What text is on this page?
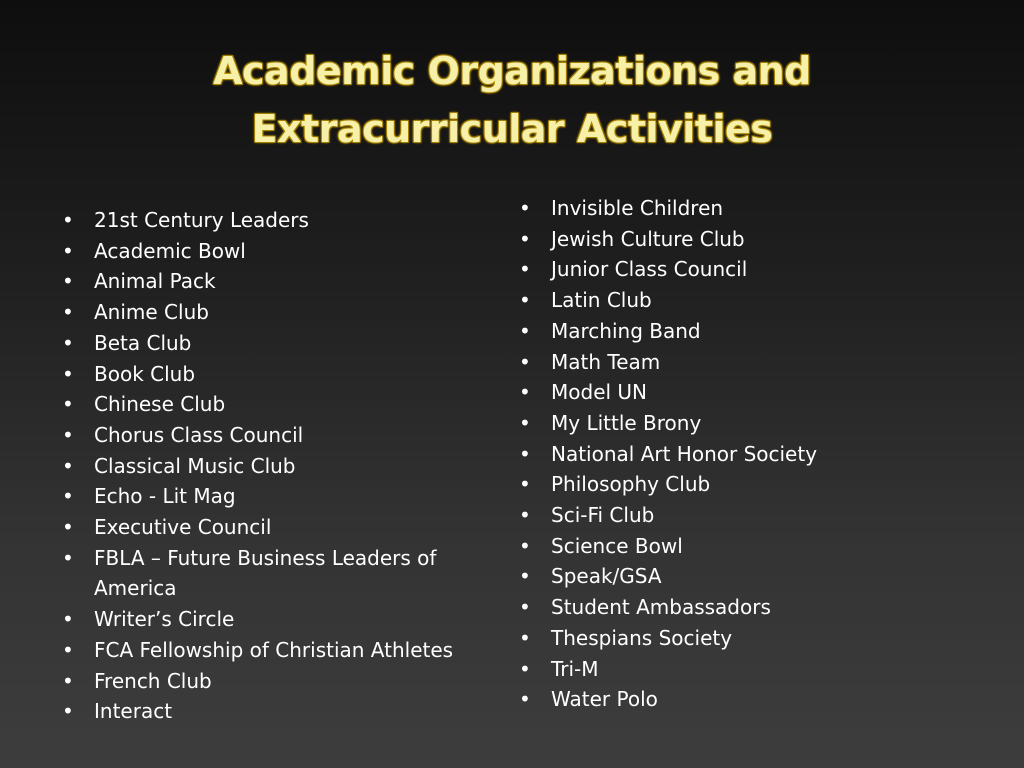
Academic Organizations and
Extracurricular Activities
• 21st Century Leaders
• Academic Bowl
• Animal Pack
• Anime Club
• Beta Club
• Book Club
• Chinese Club
• Chorus Class Council
• Classical Music Club
• Echo - Lit Mag
• Executive Council
• FBLA – Future Business Leaders of America
• Writer’s Circle
• FCA Fellowship of Christian Athletes
• French Club
• Interact
• Invisible Children
• Jewish Culture Club
• Junior Class Council
• Latin Club
• Marching Band
• Math Team
• Model UN
• My Little Brony
• National Art Honor Society
• Philosophy Club
• Sci-Fi Club
• Science Bowl
• Speak/GSA
• Student Ambassadors
• Thespians Society
• Tri-M
• Water Polo
